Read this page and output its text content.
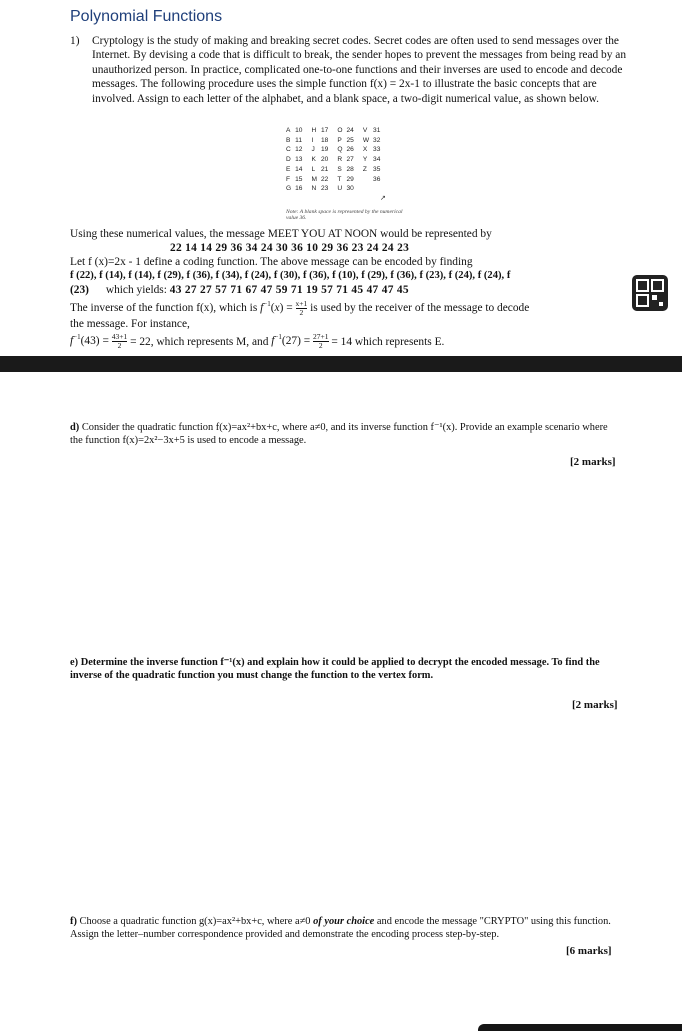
Polynomial Functions
1) Cryptology is the study of making and breaking secret codes. Secret codes are often used to send messages over the Internet. By devising a code that is difficult to break, the sender hopes to prevent the messages from being read by an unauthorized person. In practice, complicated one-to-one functions and their inverses are used to encode and decode messages. The following procedure uses the simple function f(x) = 2x-1 to illustrate the basic concepts that are involved. Assign to each letter of the alphabet, and a blank space, a two-digit numerical value, as shown below.
A	10	H	17	O	24	V	31
B	11	I	18	P	25	W	32
C	12	J	19	Q	26	X	33
D	13	K	20	R	27	Y	34
E	14	L	21	S	28	Z	35
F	15	M	22	T	29		36
G	16	N	23	U	30		
↗
Note: A blank space is represented by the numerical value 36.
Using these numerical values, the message MEET YOU AT NOON would be represented by
22 14 14 29 36 34 24 30 36 10 29 36 23 24 24 23
Let f (x)=2x - 1 define a coding function. The above message can be encoded by finding
f (22), f (14), f (14), f (29), f (36), f (34), f (24), f (30), f (36), f (10), f (29), f (36), f (23), f (24), f (24), f
(23) which yields: 43 27 27 57 71 67 47 59 71 19 57 71 45 47 47 45
The inverse of the function f(x), which is $f^{-1}(x) = \frac{x+1}{2}$ is used by the receiver of the message to decode
the message. For instance,
$f^{-1}(43) = \frac{43+1}{2} = 22$, which represents M, and $f^{-1}(27) = \frac{27+1}{2} = 14$ which represents E.
d) Consider the quadratic function f(x)=ax²+bx+c, where a≠0, and its inverse function f⁻¹(x). Provide an example scenario where the function f(x)=2x²−3x+5 is used to encode a message.
[2 marks]
e) Determine the inverse function f⁻¹(x) and explain how it could be applied to decrypt the encoded message. To find the inverse of the quadratic function you must change the function to the vertex form.
[2 marks]
f) Choose a quadratic function g(x)=ax²+bx+c, where a≠0 of your choice and encode the message "CRYPTO" using this function. Assign the letter–number correspondence provided and demonstrate the encoding process step-by-step.
[6 marks]
